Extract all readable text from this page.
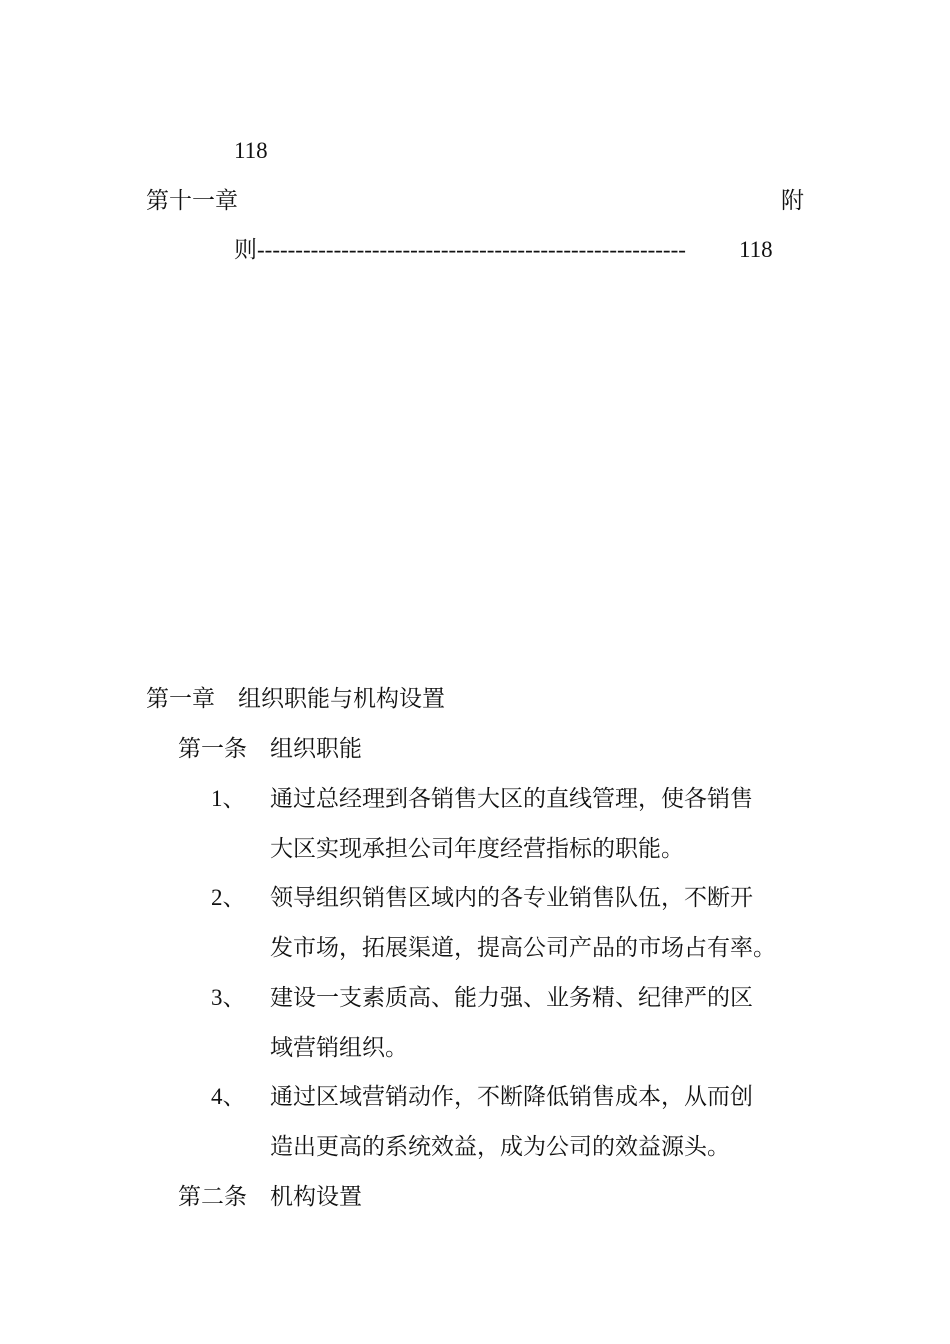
118
第十一章	附
则-------------------------------------------------------- 118
第一章　组织职能与机构设置
第一条　组织职能
1、 通过总经理到各销售大区的直线管理，使各销售
大区实现承担公司年度经营指标的职能。
2、 领导组织销售区域内的各专业销售队伍，不断开
发市场，拓展渠道，提高公司产品的市场占有率。
3、 建设一支素质高、能力强、业务精、纪律严的区
域营销组织。
4、 通过区域营销动作，不断降低销售成本，从而创
造出更高的系统效益，成为公司的效益源头。
第二条　机构设置
